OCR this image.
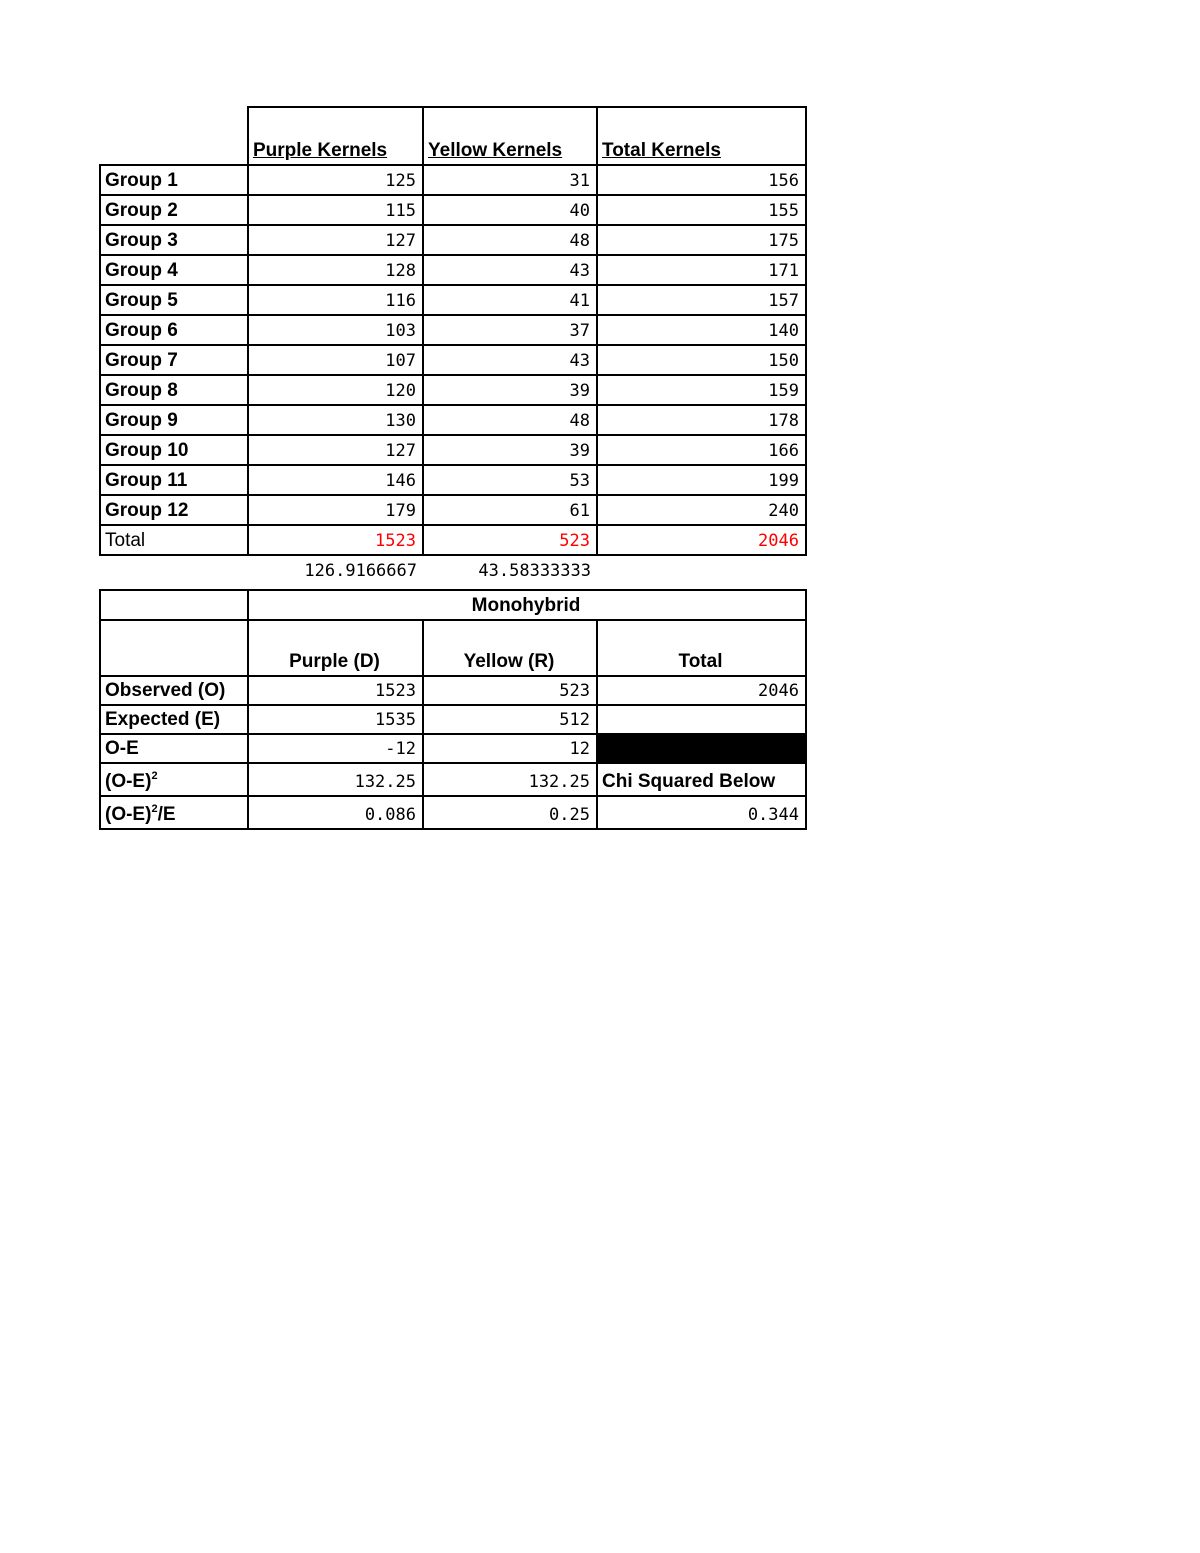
	Purple Kernels	Yellow Kernels	Total Kernels
Group 1	125	31	156
Group 2	115	40	155
Group 3	127	48	175
Group 4	128	43	171
Group 5	116	41	157
Group 6	103	37	140
Group 7	107	43	150
Group 8	120	39	159
Group 9	130	48	178
Group 10	127	39	166
Group 11	146	53	199
Group 12	179	61	240
Total	1523	523	2046
	126.9166667	43.58333333	
	Monohybrid		
	Purple (D)	Yellow (R)	Total
Observed (O)	1523	523	2046
Expected (E)	1535	512	
O-E	-12	12	
$(O-E)^2$	132.25	132.25	Chi Squared Below
$(O-E)^2/E$	0.086	0.25	0.344
